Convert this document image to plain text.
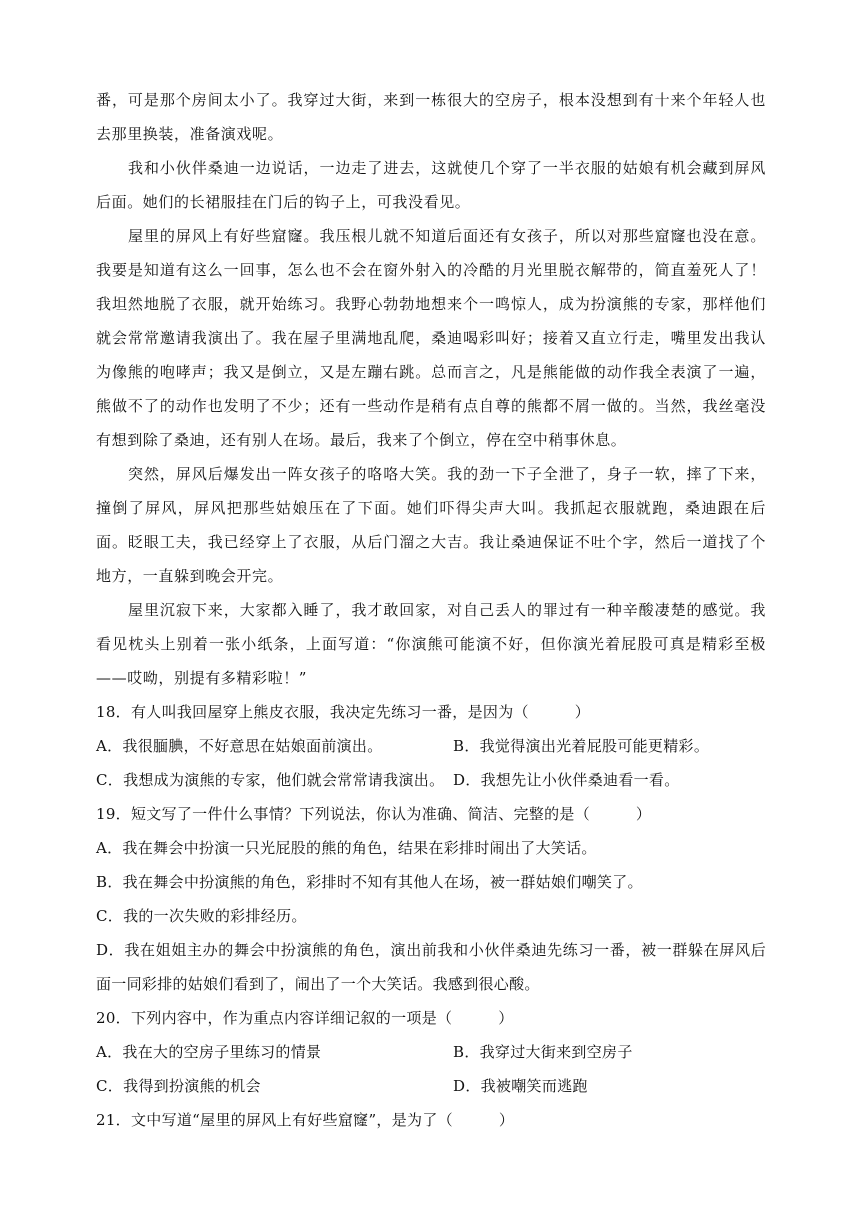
番，可是那个房间太小了。我穿过大街，来到一栋很大的空房子，根本没想到有十来个年轻人也去那里换装，准备演戏呢。

我和小伙伴桑迪一边说话，一边走了进去，这就使几个穿了一半衣服的姑娘有机会藏到屏风后面。她们的长裙服挂在门后的钩子上，可我没看见。

屋里的屏风上有好些窟窿。我压根儿就不知道后面还有女孩子，所以对那些窟窿也没在意。我要是知道有这么一回事，怎么也不会在窗外射入的冷酷的月光里脱衣解带的，简直羞死人了！我坦然地脱了衣服，就开始练习。我野心勃勃地想来个一鸣惊人，成为扮演熊的专家，那样他们就会常常邀请我演出了。我在屋子里满地乱爬，桑迪喝彩叫好；接着又直立行走，嘴里发出我认为像熊的咆哮声；我又是倒立，又是左蹦右跳。总而言之，凡是熊能做的动作我全表演了一遍，熊做不了的动作也发明了不少；还有一些动作是稍有点自尊的熊都不屑一做的。当然，我丝毫没有想到除了桑迪，还有别人在场。最后，我来了个倒立，停在空中稍事休息。

突然，屏风后爆发出一阵女孩子的咯咯大笑。我的劲一下子全泄了，身子一软，摔了下来，撞倒了屏风，屏风把那些姑娘压在了下面。她们吓得尖声大叫。我抓起衣服就跑，桑迪跟在后面。眨眼工夫，我已经穿上了衣服，从后门溜之大吉。我让桑迪保证不吐个字，然后一道找了个地方，一直躲到晚会开完。

屋里沉寂下来，大家都入睡了，我才敢回家，对自己丢人的罪过有一种辛酸凄楚的感觉。我看见枕头上别着一张小纸条，上面写道：“你演熊可能演不好，但你演光着屁股可真是精彩至极——哎呦，别提有多精彩啦！”

18．有人叫我回屋穿上熊皮衣服，我决定先练习一番，是因为（　　　）

A．我很腼腆，不好意思在姑娘面前演出。	B．我觉得演出光着屁股可能更精彩。
C．我想成为演熊的专家，他们就会常常请我演出。 D．我想先让小伙伴桑迪看一看。

19．短文写了一件什么事情？下列说法，你认为准确、简洁、完整的是（　　　）

A．我在舞会中扮演一只光屁股的熊的角色，结果在彩排时闹出了大笑话。

B．我在舞会中扮演熊的角色，彩排时不知有其他人在场，被一群姑娘们嘲笑了。

C．我的一次失败的彩排经历。

D．我在姐姐主办的舞会中扮演熊的角色，演出前我和小伙伴桑迪先练习一番，被一群躲在屏风后面一同彩排的姑娘们看到了，闹出了一个大笑话。我感到很心酸。

20．下列内容中，作为重点内容详细记叙的一项是（　　　）

A．我在大的空房子里练习的情景	B．我穿过大街来到空房子
C．我得到扮演熊的机会	D．我被嘲笑而逃跑

21．文中写道“屋里的屏风上有好些窟窿”，是为了（　　　）
